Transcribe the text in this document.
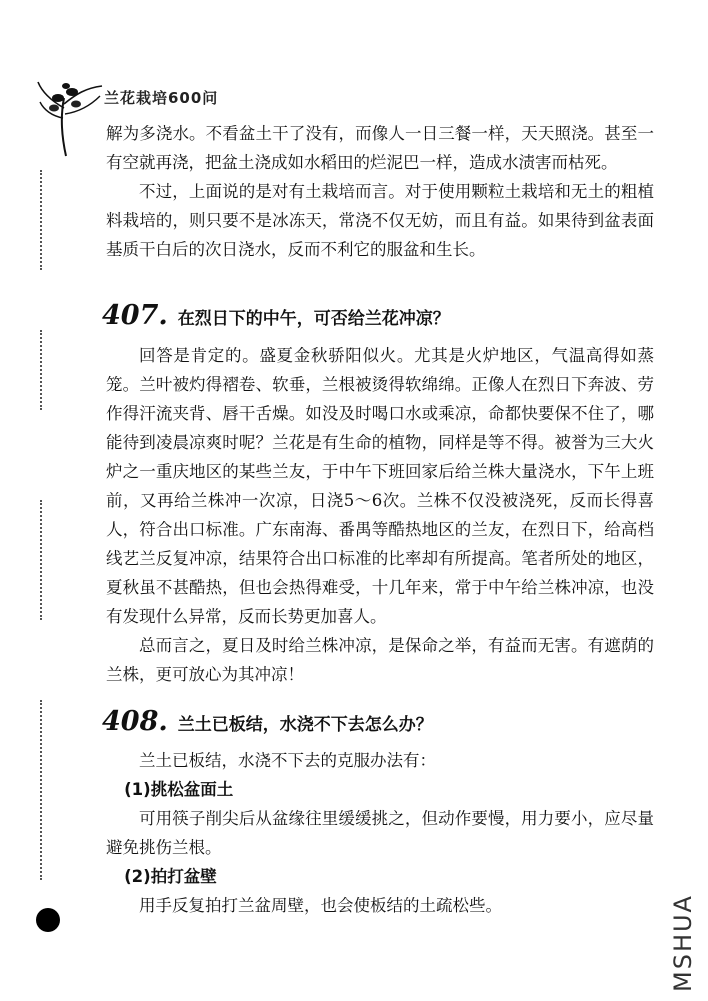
兰花栽培600问

解为多浇水。不看盆土干了没有，而像人一日三餐一样，天天照浇。甚至一有空就再浇，把盆土浇成如水稻田的烂泥巴一样，造成水渍害而枯死。

不过，上面说的是对有土栽培而言。对于使用颗粒土栽培和无土的粗植料栽培的，则只要不是冰冻天，常浇不仅无妨，而且有益。如果待到盆表面基质干白后的次日浇水，反而不利它的服盆和生长。

407. 在烈日下的中午，可否给兰花冲凉？

回答是肯定的。盛夏金秋骄阳似火。尤其是火炉地区，气温高得如蒸笼。兰叶被灼得褶卷、软垂，兰根被烫得软绵绵。正像人在烈日下奔波、劳作得汗流夹背、唇干舌燥。如没及时喝口水或乘凉，命都快要保不住了，哪能待到凌晨凉爽时呢？兰花是有生命的植物，同样是等不得。被誉为三大火炉之一重庆地区的某些兰友，于中午下班回家后给兰株大量浇水，下午上班前，又再给兰株冲一次凉，日浇5～6次。兰株不仅没被浇死，反而长得喜人，符合出口标准。广东南海、番禺等酷热地区的兰友，在烈日下，给高档线艺兰反复冲凉，结果符合出口标准的比率却有所提高。笔者所处的地区，夏秋虽不甚酷热，但也会热得难受，十几年来，常于中午给兰株冲凉，也没有发现什么异常，反而长势更加喜人。

总而言之，夏日及时给兰株冲凉，是保命之举，有益而无害。有遮荫的兰株，更可放心为其冲凉！

408. 兰土已板结，水浇不下去怎么办？

兰土已板结，水浇不下去的克服办法有：

(1)挑松盆面土

可用筷子削尖后从盆缘往里缓缓挑之，但动作要慢，用力要小，应尽量避免挑伤兰根。

(2)拍打盆壁

用手反复拍打兰盆周壁，也会使板结的土疏松些。	MSHUA
